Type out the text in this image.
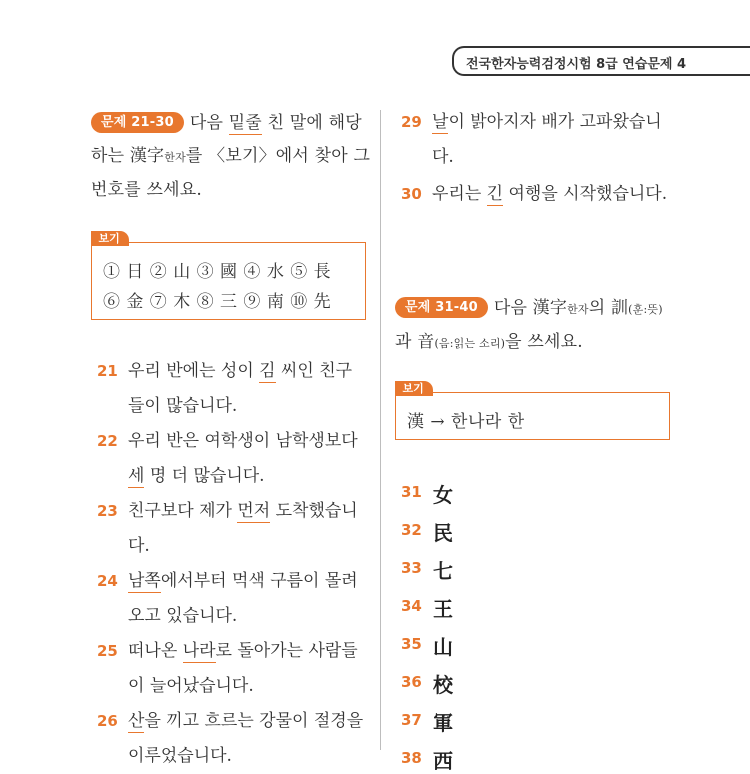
전국한자능력검정시험 8급 연습문제 4
문제 21-30 다음 밑줄 친 말에 해당
하는 漢字한자를 〈보기〉에서 찾아 그
번호를 쓰세요.
보기
① 日 ② 山 ③ 國 ④ 水 ⑤ 長
⑥ 金 ⑦ 木 ⑧ 三 ⑨ 南 ⑩ 先
21 우리 반에는 성이 김 씨인 친구
들이 많습니다.
22 우리 반은 여학생이 남학생보다
세 명 더 많습니다.
23 친구보다 제가 먼저 도착했습니
다.
24 남쪽에서부터 먹색 구름이 몰려
오고 있습니다.
25 떠나온 나라로 돌아가는 사람들
이 늘어났습니다.
26 산을 끼고 흐르는 강물이 절경을
이루었습니다.
29 날이 밝아지자 배가 고파왔습니
다.
30 우리는 긴 여행을 시작했습니다.
문제 31-40 다음 漢字한자의 訓(훈:뜻)
과 音(음:읽는 소리)을 쓰세요.
보기
漢 → 한나라 한
31 女
32 民
33 七
34 王
35 山
36 校
37 軍
38 西
